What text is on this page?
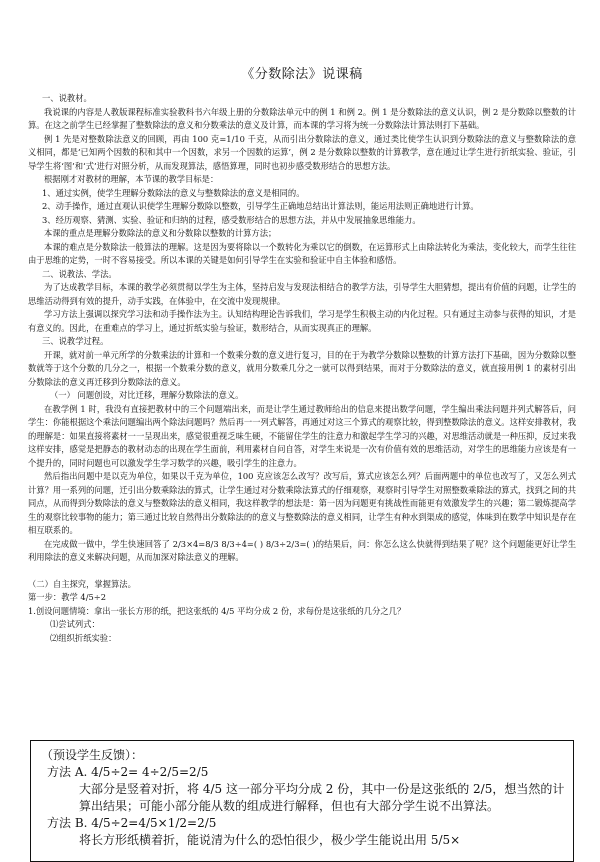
《分数除法》说课稿
一、说教材。
我说课的内容是人教版课程标准实验教科书六年级上册的分数除法单元中的例 1 和例 2。例 1 是分数除法的意义认识，例 2 是分数除以整数的计算。在这之前学生已经掌握了整数除法的意义和分数乘法的意义及计算，而本课的学习将为统一分数除法计算法则打下基础。
例 1 先是对整数除法意义的回顾，再由 100 克=1/10 千克，从而引出分数除法的意义，通过类比使学生认识到分数除法的意义与整数除法的意义相同，都是‘已知两个因数的积和其中一个因数，求另一个因数的运算’，例 2 是分数除以整数的计算教学，意在通过让学生进行折纸实验、验证，引导学生将‘图’和‘式’进行对照分析，从而发现算法，感悟算理，同时也初步感受数形结合的思想方法。
根据刚才对教材的理解，本节课的教学目标是：
1、通过实例，使学生理解分数除法的意义与整数除法的意义是相同的。
2、动手操作，通过直观认识使学生理解分数除以整数，引导学生正确地总结出计算法则，能运用法则正确地进行计算。
3、经历观察、猜测、实验、验证和归纳的过程，感受数形结合的思想方法，并从中发展抽象思维能力。
本课的重点是理解分数除法的意义和分数除以整数的计算方法；
本课的难点是分数除法一般算法的理解。这是因为要将除以一个数转化为乘以它的倒数，在运算形式上由除法转化为乘法，变化较大，而学生往往由于思维的定势，一时不容易接受。所以本课的关键是如何引导学生在实验和验证中自主体验和感悟。
二、说教法、学法。
为了达成教学目标，本课的教学必须贯彻以学生为主体，坚持启发与发现法相结合的教学方法，引导学生大胆猜想，提出有价值的问题，让学生的思维活动得到有效的提升，动手实践，在体验中，在交流中发现规律。
学习方法上强调以探究学习法和动手操作法为主。认知结构理论告诉我们，学习是学生积极主动的内化过程。只有通过主动参与获得的知识，才是有意义的。因此，在重难点的学习上，通过折纸实验与验证，数形结合，从而实现真正的理解。
三、说教学过程。
开课，就对前一单元所学的分数乘法的计算和一个数乘分数的意义进行复习，目的在于为教学分数除以整数的计算方法打下基础，因为分数除以整数就等于这个分数的几分之一，根据一个数乘分数的意义，就用分数乘几分之一就可以得到结果，而对于分数除法的意义，就直接用例 1 的素材引出分数除法的意义再迁移到分数除法的意义。
（一） 问题创设，对比迁移，理解分数除法的意义。
在教学例 1 时，我没有直接把教材中的三个问题端出来，而是让学生通过教师给出的信息来提出数学问题，学生编出乘法问题并列式解答后，问学生：你能根据这个乘法问题编出两个除法问题吗？然后再一一列式解答，再通过对这三个算式的观察比较，得到整数除法的意义。这样安排教材，我的理解是：如果直接将素材一一呈现出来，感觉很重视乏味生硬，不能留住学生的注意力和激起学生学习的兴趣，对思维活动就是一种压抑，反过来我这样安排，感觉是把静态的教材动态的出现在学生面前，利用素材自问自答，对学生来说是一次有价值有效的思维活动，对学生的思维能力应该是有一个提升的，同时问题也可以激发学生学习数学的兴趣，吸引学生的注意力。
然后指出问题中是以克为单位，如果以千克为单位，100 克应该怎么改写？改写后，算式应该怎么列？后面两题中的单位也改写了，又怎么列式计算？用一系列的问题，迁引出分数乘除法的算式，让学生通过对分数乘除法算式的仔细观察，观察时引导学生对照整数乘除法的算式，找到之间的共同点，从而得到分数除法的意义与整数除法的意义相同，我这样教学的想法是：第一因为问题更有挑战性而能更有效激发学生的兴趣；第二锻炼提高学生的观察比较事物的能力；第三通过比较自然得出分数除法的的意义与整数除法的意义相同，让学生有种水到渠成的感觉，体味到在数学中知识是存在相互联系的。
在完成做一做中，学生快速回答了 2/3×4=8/3 8/3÷4=( ) 8/3÷2/3=( )的结果后，问：你怎么这么快就得到结果了呢？这个问题能更好让学生利用除法的意义来解决问题，从而加深对除法意义的理解。
（二）自主探究，掌握算法。
第一步：教学 4/5÷2
1.创设问题情境：拿出一张长方形的纸，把这张纸的 4/5 平均分成 2 份，求每份是这张纸的几分之几？
⑴尝试列式：
⑵组织折纸实验：
（预设学生反馈）：
方法 A. 4/5÷2= 4÷2/5=2/5
大部分是竖着对折，将 4/5 这一部分平均分成 2 份，其中一份是这张纸的 2/5，想当然的计算出结果；可能小部分能从数的组成进行解释，但也有大部分学生说不出算法。
方法 B. 4/5÷2=4/5×1/2=2/5
将长方形纸横着折，能说清为什么的恐怕很少，极少学生能说出用 5/5×
